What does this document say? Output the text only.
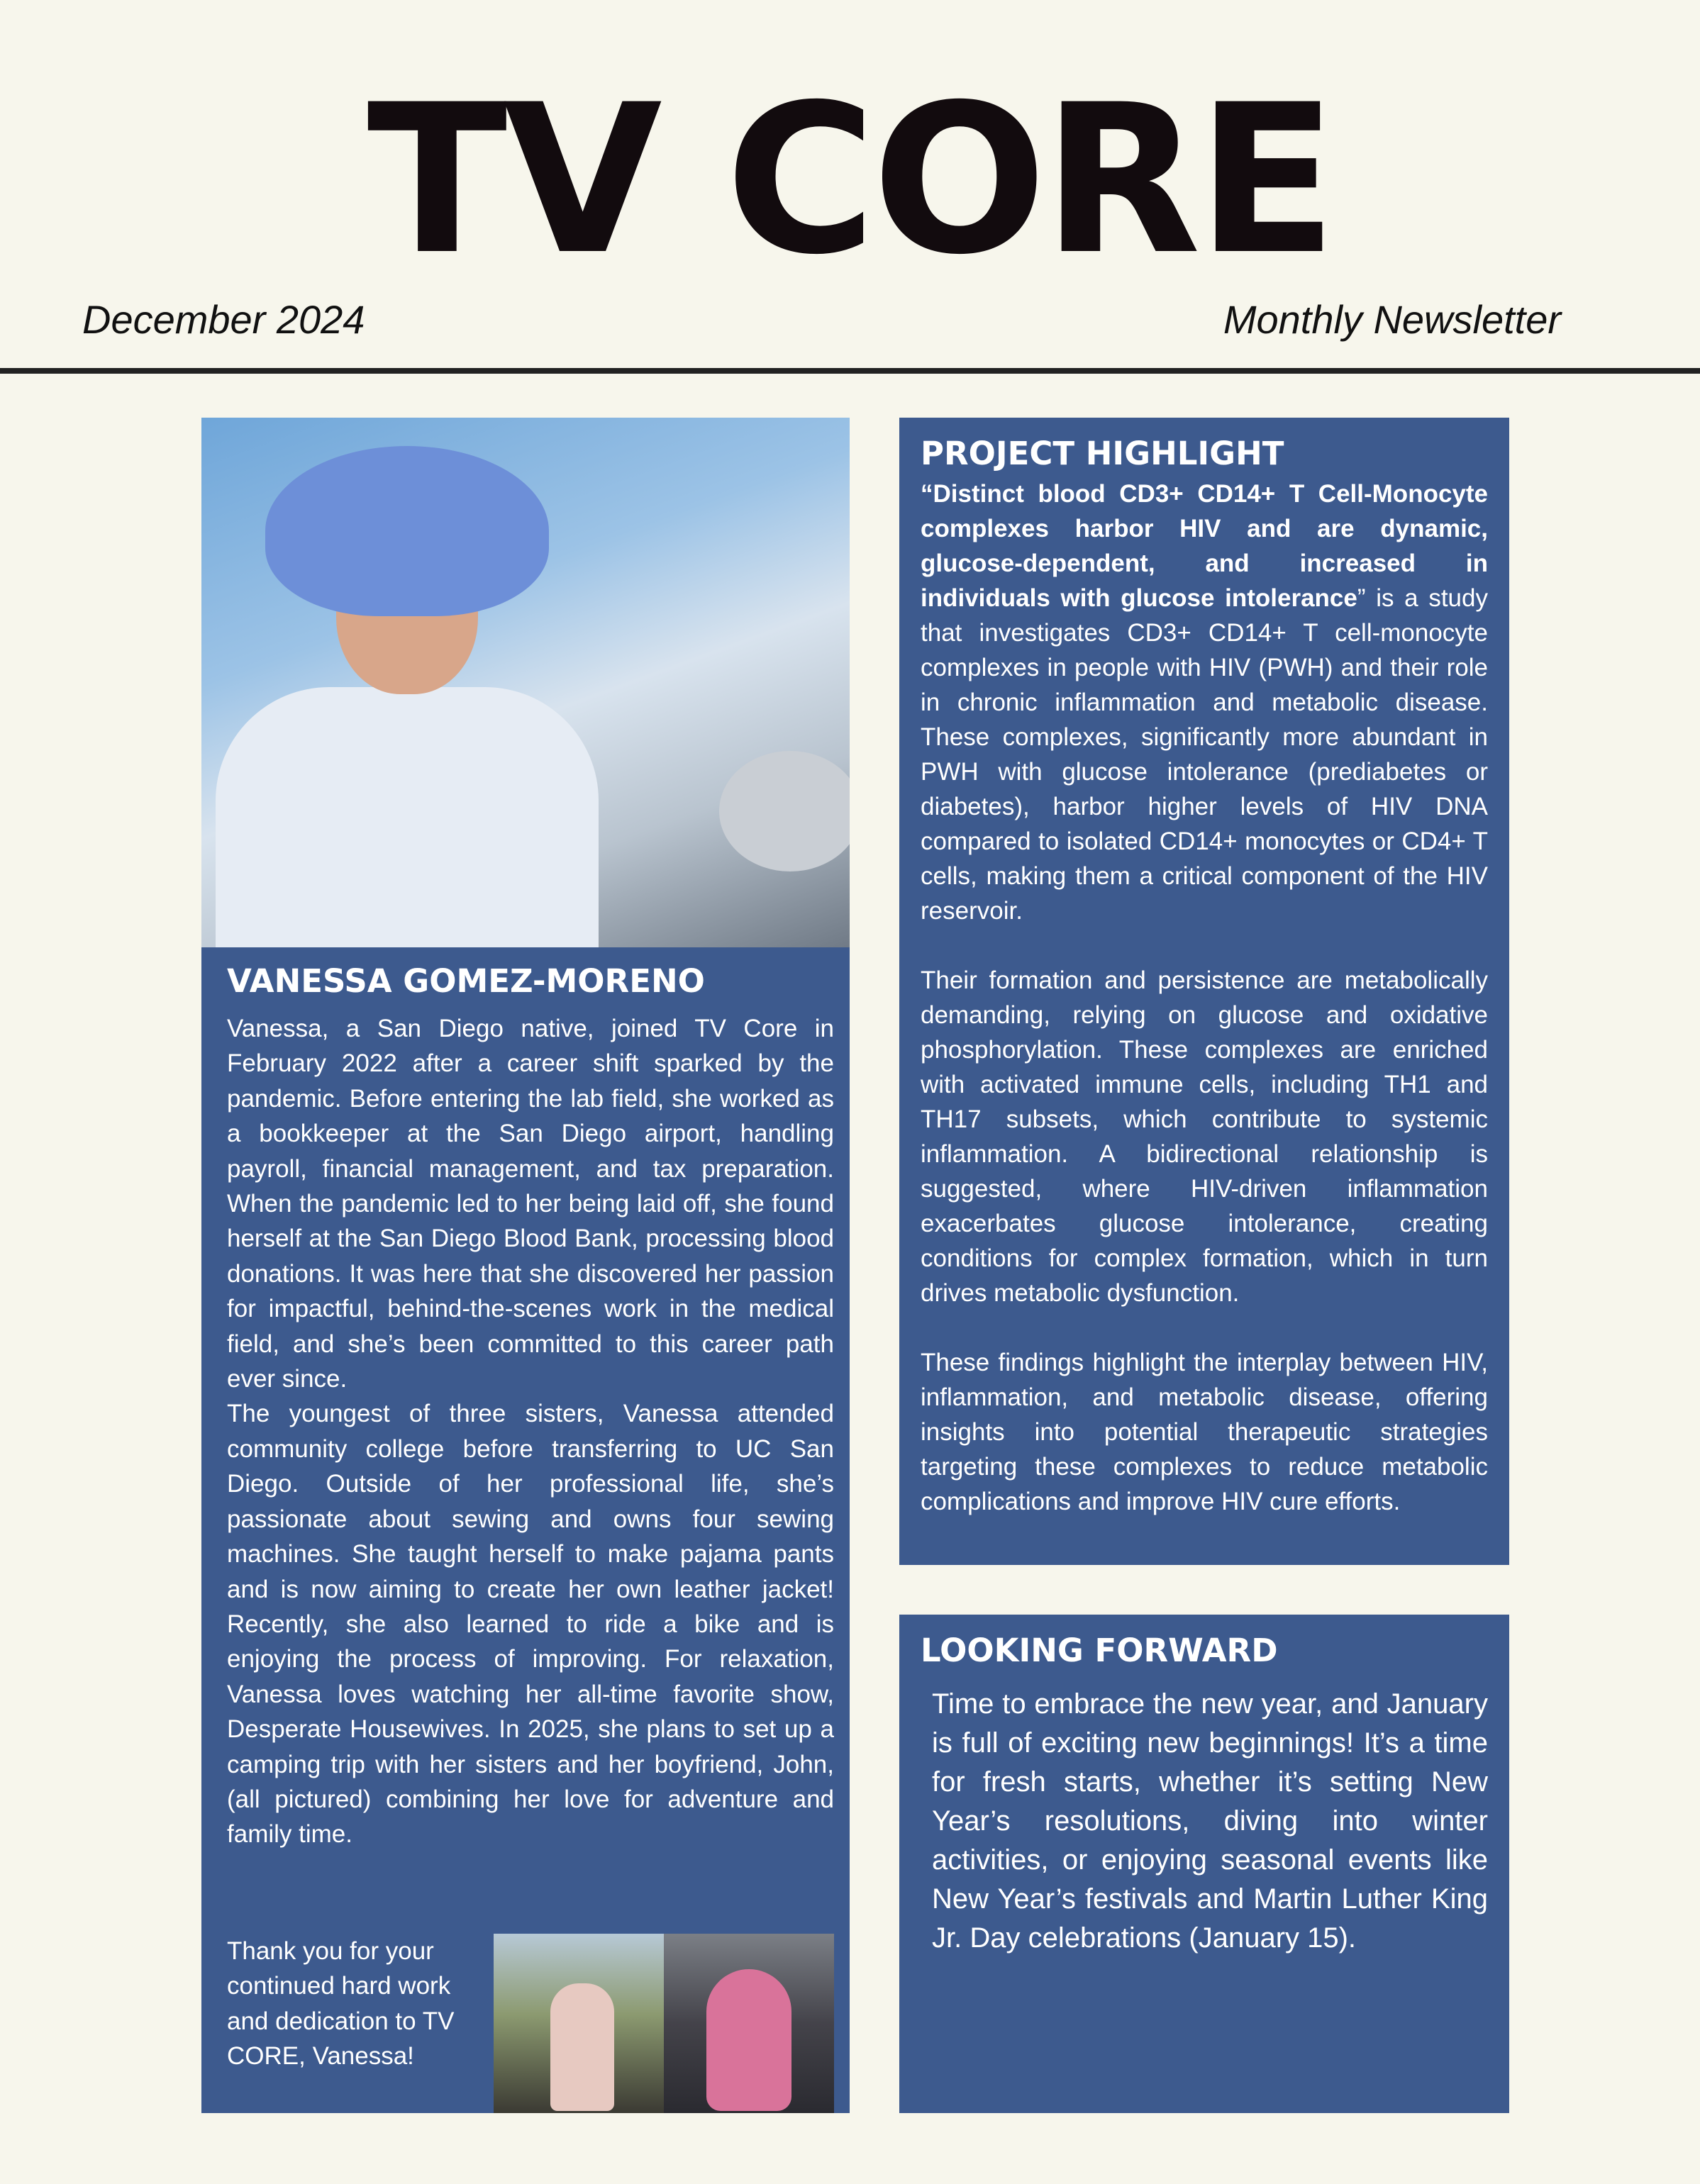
TV CORE
December 2024	Monthly Newsletter
VANESSA GOMEZ-MORENO

Vanessa, a San Diego native, joined TV Core in February 2022 after a career shift sparked by the pandemic. Before entering the lab field, she worked as a bookkeeper at the San Diego airport, handling payroll, financial management, and tax preparation. When the pandemic led to her being laid off, she found herself at the San Diego Blood Bank, processing blood donations. It was here that she discovered her passion for impactful, behind-the-scenes work in the medical field, and she’s been committed to this career path ever since.

The youngest of three sisters, Vanessa attended community college before transferring to UC San Diego. Outside of her professional life, she’s passionate about sewing and owns four sewing machines. She taught herself to make pajama pants and is now aiming to create her own leather jacket! Recently, she also learned to ride a bike and is enjoying the process of improving. For relaxation, Vanessa loves watching her all-time favorite show, Desperate Housewives. In 2025, she plans to set up a camping trip with her sisters and her boyfriend, John, (all pictured) combining her love for adventure and family time.

Thank you for your continued hard work and dedication to TV CORE, Vanessa!
PROJECT HIGHLIGHT

“Distinct blood CD3+ CD14+ T Cell-Monocyte complexes harbor HIV and are dynamic, glucose-dependent, and increased in individuals with glucose intolerance” is a study that investigates CD3+ CD14+ T cell-monocyte complexes in people with HIV (PWH) and their role in chronic inflammation and metabolic disease. These complexes, significantly more abundant in PWH with glucose intolerance (prediabetes or diabetes), harbor higher levels of HIV DNA compared to isolated CD14+ monocytes or CD4+ T cells, making them a critical component of the HIV reservoir.

Their formation and persistence are metabolically demanding, relying on glucose and oxidative phosphorylation. These complexes are enriched with activated immune cells, including TH1 and TH17 subsets, which contribute to systemic inflammation. A bidirectional relationship is suggested, where HIV-driven inflammation exacerbates glucose intolerance, creating conditions for complex formation, which in turn drives metabolic dysfunction.

These findings highlight the interplay between HIV, inflammation, and metabolic disease, offering insights into potential therapeutic strategies targeting these complexes to reduce metabolic complications and improve HIV cure efforts.

LOOKING FORWARD
Time to embrace the new year, and January is full of exciting new beginnings! It’s a time for fresh starts, whether it’s setting New Year’s resolutions, diving into winter activities, or enjoying seasonal events like New Year’s festivals and Martin Luther King Jr. Day celebrations (January 15).
